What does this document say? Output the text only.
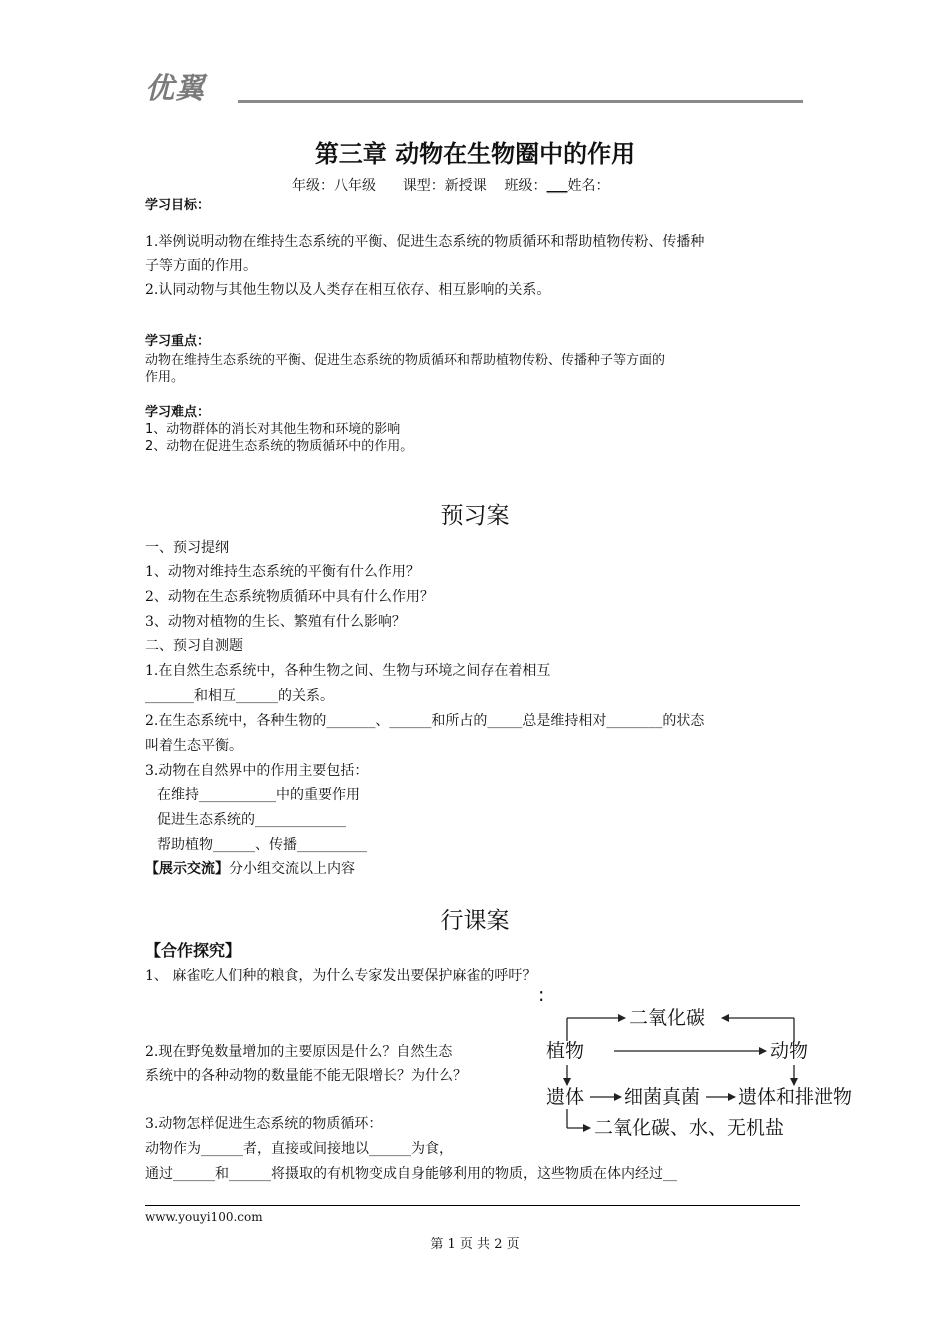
优翼
第三章 动物在生物圈中的作用
年级：八年级 课型：新授课 班级：___姓名：
学习目标：
1.举例说明动物在维持生态系统的平衡、促进生态系统的物质循环和帮助植物传粉、传播种
子等方面的作用。
2.认同动物与其他生物以及人类存在相互依存、相互影响的关系。
学习重点：
动物在维持生态系统的平衡、促进生态系统的物质循环和帮助植物传粉、传播种子等方面的
作用。
学习难点：
1、动物群体的消长对其他生物和环境的影响
2、动物在促进生态系统的物质循环中的作用。
预习案
一、预习提纲
1、动物对维持生态系统的平衡有什么作用？
2、动物在生态系统物质循环中具有什么作用？
3、动物对植物的生长、繁殖有什么影响？
二、预习自测题
1.在自然生态系统中，各种生物之间、生物与环境之间存在着相互
_______和相互______的关系。
2.在生态系统中，各种生物的_______、______和所占的_____总是维持相对________的状态
叫着生态平衡。
3.动物在自然界中的作用主要包括：
在维持___________中的重要作用
促进生态系统的_____________
帮助植物______、传播__________
【展示交流】分小组交流以上内容
行课案
【合作探究】
1、 麻雀吃人们种的粮食，为什么专家发出要保护麻雀的呼吁？
2.现在野兔数量增加的主要原因是什么？自然生态
系统中的各种动物的数量能不能无限增长？为什么？
3.动物怎样促进生态系统的物质循环：
动物作为______者，直接或间接地以______为食，
通过______和______将摄取的有机物变成自身能够利用的物质，这些物质在体内经过__
:
二氧化碳
植物	动物
遗体 细菌真菌 遗体和排泄物
二氧化碳、水、无机盐
www.youyi100.com
第 1 页 共 2 页
